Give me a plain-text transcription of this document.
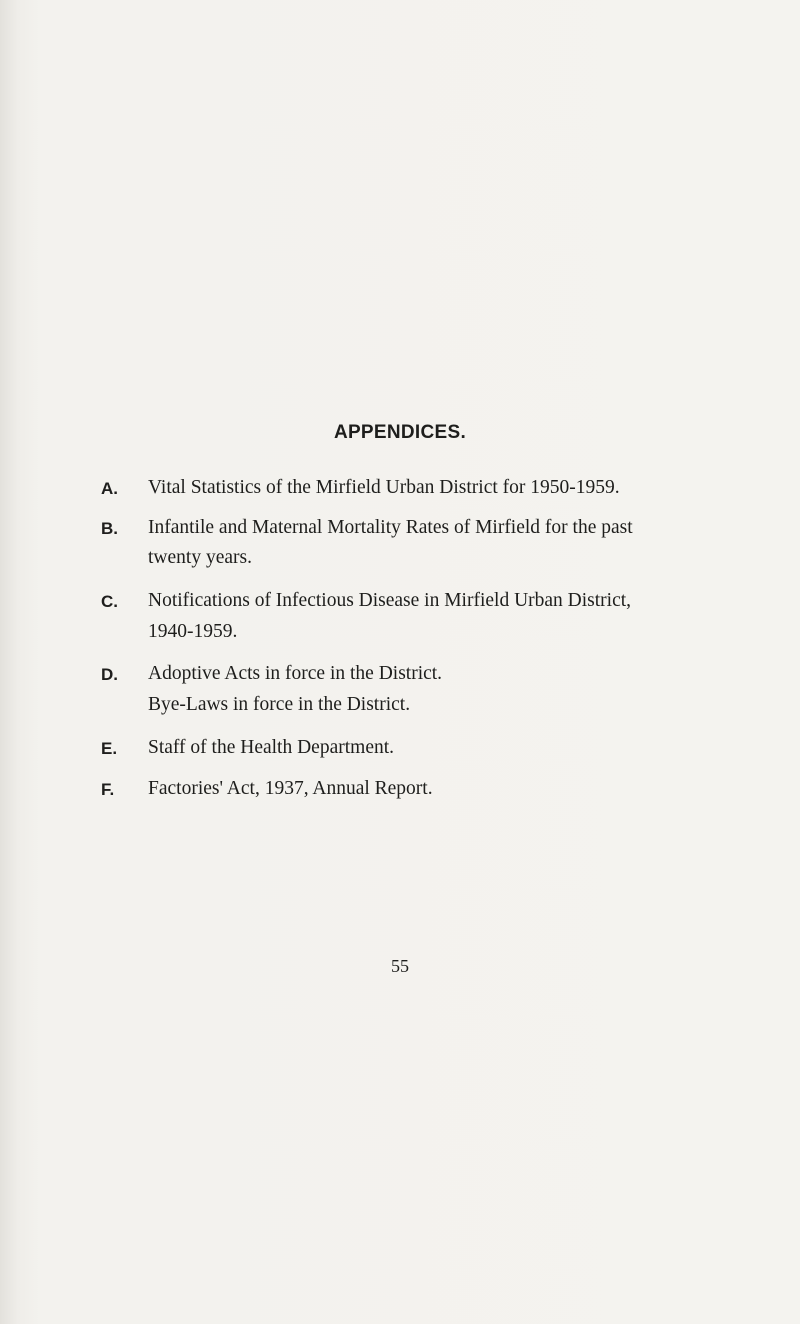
APPENDICES.
A. Vital Statistics of the Mirfield Urban District for 1950-1959.
B. Infantile and Maternal Mortality Rates of Mirfield for the past
twenty years.
C. Notifications of Infectious Disease in Mirfield Urban District,
1940-1959.
D. Adoptive Acts in force in the District.
Bye-Laws in force in the District.
E. Staff of the Health Department.
F. Factories' Act, 1937, Annual Report.
55
